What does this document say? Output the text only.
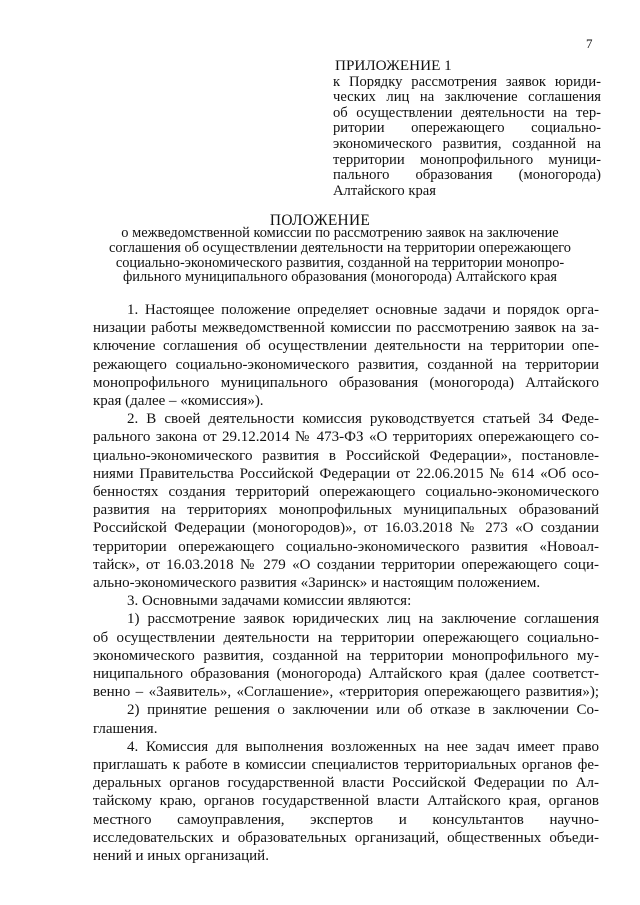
7
ПРИЛОЖЕНИЕ 1
к Порядку рассмотрения заявок юриди-
ческих лиц на заключение соглашения
об осуществлении деятельности на тер-
ритории опережающего социально-
экономического развития, созданной на
территории монопрофильного муници-
пального образования (моногорода)
Алтайского края
ПОЛОЖЕНИЕ
о межведомственной комиссии по рассмотрению заявок на заключение
соглашения об осуществлении деятельности на территории опережающего
социально-экономического развития, созданной на территории монопро-
фильного муниципального образования (моногорода) Алтайского края
1. Настоящее положение определяет основные задачи и порядок орга-
низации работы межведомственной комиссии по рассмотрению заявок на за-
ключение соглашения об осуществлении деятельности на территории опе-
режающего социально-экономического развития, созданной на территории
монопрофильного муниципального образования (моногорода) Алтайского
края (далее – «комиссия»).
2. В своей деятельности комиссия руководствуется статьей 34 Феде-
рального закона от 29.12.2014 № 473-ФЗ «О территориях опережающего со-
циально-экономического развития в Российской Федерации», постановле-
ниями Правительства Российской Федерации от 22.06.2015 № 614 «Об осо-
бенностях создания территорий опережающего социально-экономического
развития на территориях монопрофильных муниципальных образований
Российской Федерации (моногородов)», от 16.03.2018 № 273 «О создании
территории опережающего социально-экономического развития «Новоал-
тайск», от 16.03.2018 № 279 «О создании территории опережающего соци-
ально-экономического развития «Заринск» и настоящим положением.
3. Основными задачами комиссии являются:
1) рассмотрение заявок юридических лиц на заключение соглашения
об осуществлении деятельности на территории опережающего социально-
экономического развития, созданной на территории монопрофильного му-
ниципального образования (моногорода) Алтайского края (далее соответст-
венно – «Заявитель», «Соглашение», «территория опережающего развития»);
2) принятие решения о заключении или об отказе в заключении Со-
глашения.
4. Комиссия для выполнения возложенных на нее задач имеет право
приглашать к работе в комиссии специалистов территориальных органов фе-
деральных органов государственной власти Российской Федерации по Ал-
тайскому краю, органов государственной власти Алтайского края, органов
местного самоуправления, экспертов и консультантов научно-
исследовательских и образовательных организаций, общественных объеди-
нений и иных организаций.
